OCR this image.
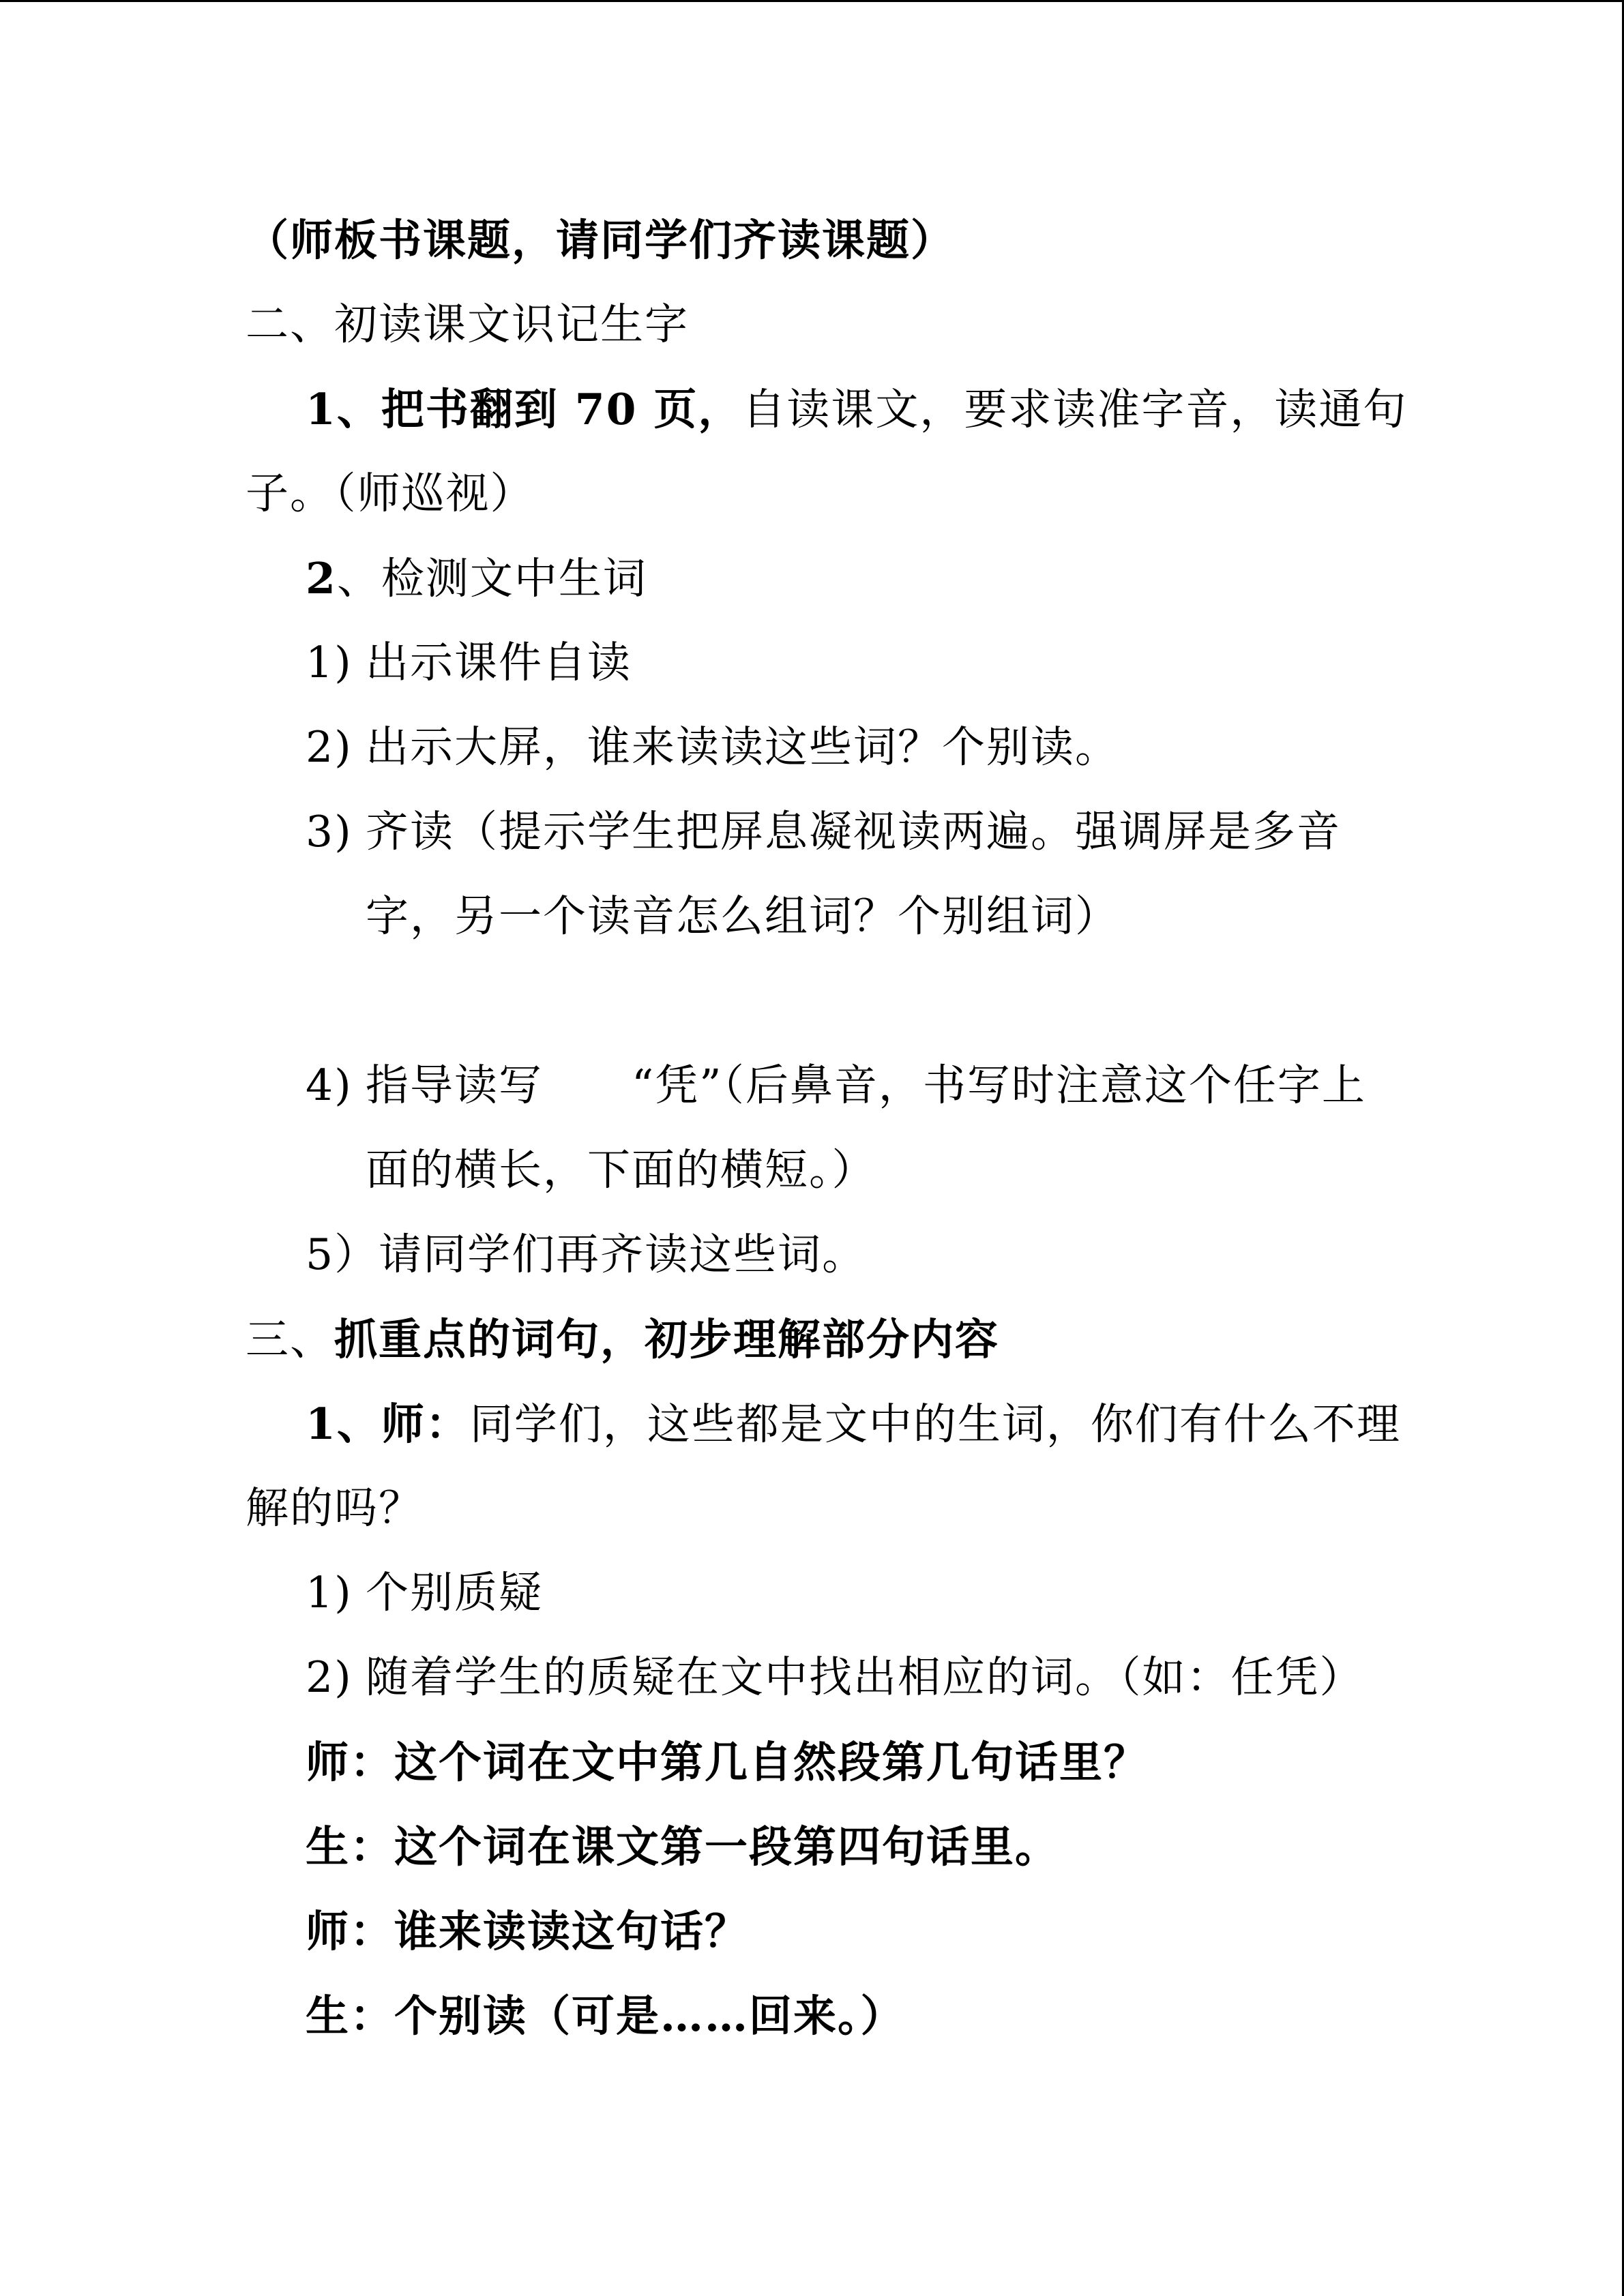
（师板书课题，请同学们齐读课题）
二、初读课文识记生字
1、把书翻到 70 页，自读课文，要求读准字音，读通句
子。（师巡视）
2、检测文中生词
1) 出示课件自读
2) 出示大屏，谁来读读这些词？个别读。
3) 齐读（提示学生把屏息凝视读两遍。强调屏是多音
字，另一个读音怎么组词？个别组词）
4) 指导读写 “凭”（后鼻音，书写时注意这个任字上
面的横长，下面的横短。）
5）请同学们再齐读这些词。
三、抓重点的词句，初步理解部分内容
1、师：同学们，这些都是文中的生词，你们有什么不理
解的吗？
1) 个别质疑
2) 随着学生的质疑在文中找出相应的词。（如：任凭）
师：这个词在文中第几自然段第几句话里？
生：这个词在课文第一段第四句话里。
师：谁来读读这句话？
生：个别读（可是……回来。）
